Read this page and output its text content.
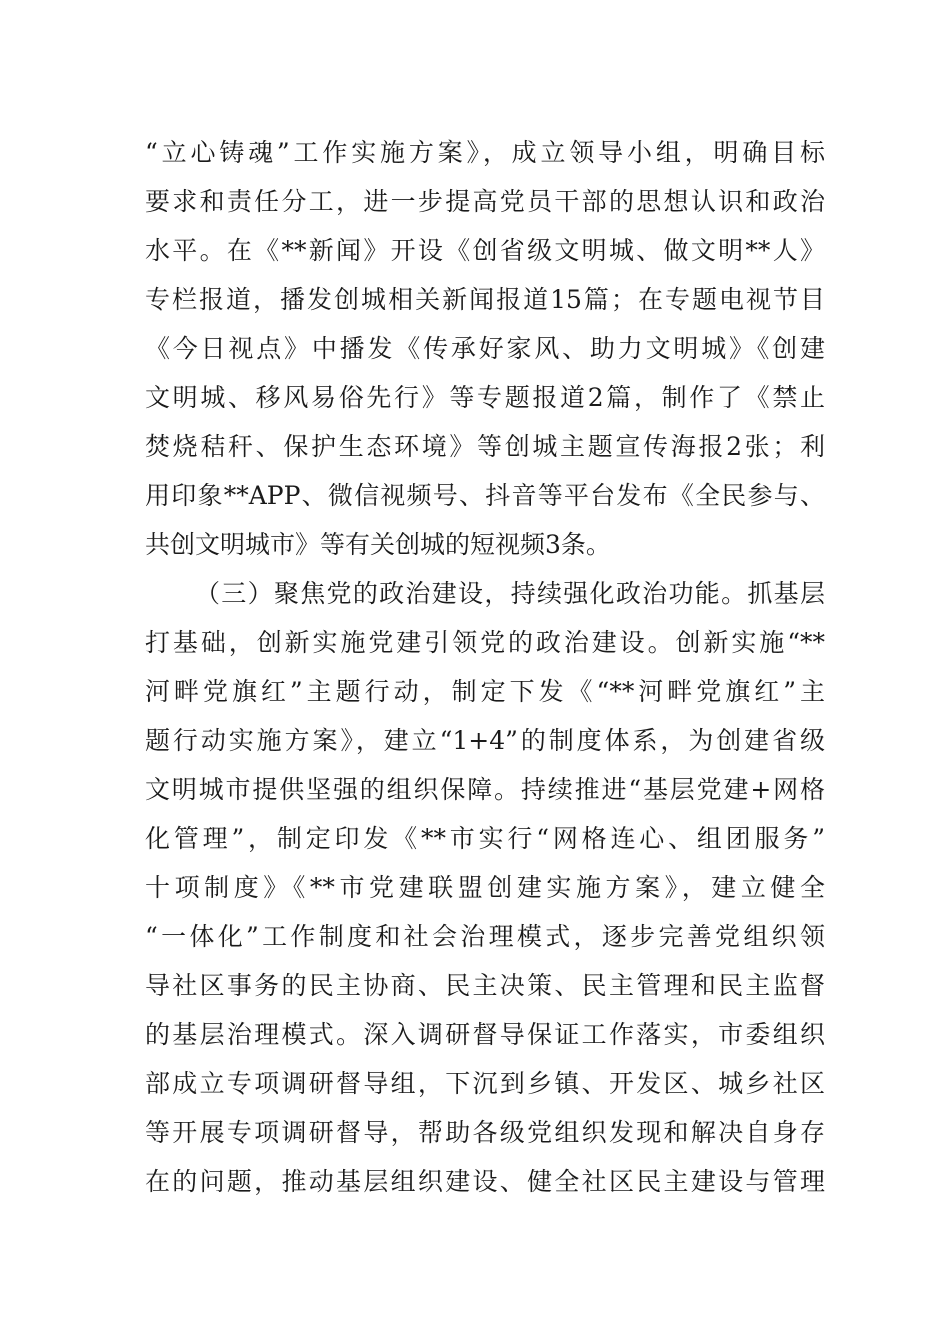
“立心铸魂”工作实施方案》，成立领导小组，明确目标
要求和责任分工，进一步提高党员干部的思想认识和政治
水平。在《**新闻》开设《创省级文明城、做文明**人》
专栏报道，播发创城相关新闻报道15篇；在专题电视节目
《今日视点》中播发《传承好家风、助力文明城》《创建
文明城、移风易俗先行》等专题报道2篇，制作了《禁止
焚烧秸秆、保护生态环境》等创城主题宣传海报2张；利
用印象**APP、微信视频号、抖音等平台发布《全民参与、
共创文明城市》等有关创城的短视频3条。
（三）聚焦党的政治建设，持续强化政治功能。抓基层
打基础，创新实施党建引领党的政治建设。创新实施“**
河畔党旗红”主题行动，制定下发《“**河畔党旗红”主
题行动实施方案》，建立“1+4”的制度体系，为创建省级
文明城市提供坚强的组织保障。持续推进“基层党建+网格
化管理”，制定印发《**市实行“网格连心、组团服务”
十项制度》《**市党建联盟创建实施方案》，建立健全
“一体化”工作制度和社会治理模式，逐步完善党组织领
导社区事务的民主协商、民主决策、民主管理和民主监督
的基层治理模式。深入调研督导保证工作落实，市委组织
部成立专项调研督导组，下沉到乡镇、开发区、城乡社区
等开展专项调研督导，帮助各级党组织发现和解决自身存
在的问题，推动基层组织建设、健全社区民主建设与管理
